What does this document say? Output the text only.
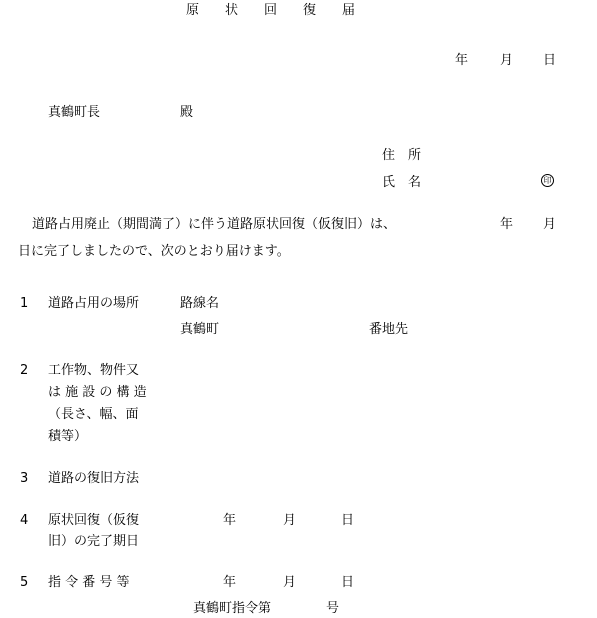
原　　状　　回　　復　　届
年 月 日
真鶴町長	殿
住　所
氏　名	印
道路占用廃止（期間満了）に伴う道路原状回復（仮復旧）は、	年 月
日に完了しましたので、次のとおり届けます。
1 道路占用の場所	路線名
真鶴町	番地先
2 工作物、物件又
は 施 設 の 構 造
（長さ、幅、面
積等）
3 道路の復旧方法
4 原状回復（仮復
旧）の完了期日
年	月	日
5 指 令 番 号 等	年	月	日
真鶴町指令第	号
